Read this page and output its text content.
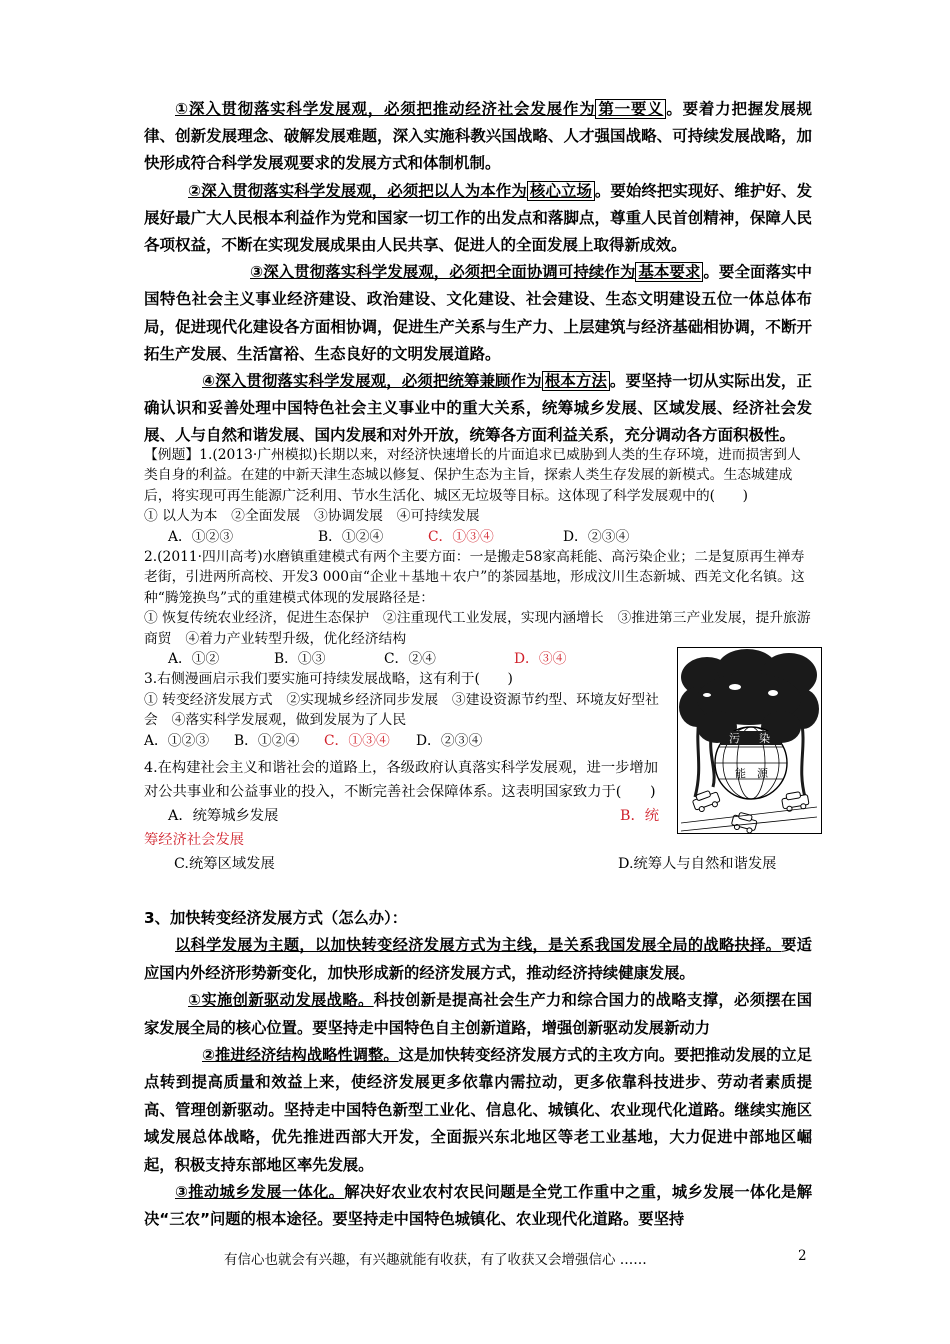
①深入贯彻落实科学发展观，必须把推动经济社会发展作为 第一要义 。要着力把握发展规律、创新发展理念、破解发展难题，深入实施科教兴国战略、人才强国战略、可持续发展战略，加快形成符合科学发展观要求的发展方式和体制机制。

②深入贯彻落实科学发展观，必须把以人为本作为 核心立场 。要始终把实现好、维护好、发展好最广大人民根本利益作为党和国家一切工作的出发点和落脚点，尊重人民首创精神，保障人民各项权益，不断在实现发展成果由人民共享、促进人的全面发展上取得新成效。

③深入贯彻落实科学发展观，必须把全面协调可持续作为 基本要求 。要全面落实中国特色社会主义事业经济建设、政治建设、文化建设、社会建设、生态文明建设五位一体总体布局，促进现代化建设各方面相协调，促进生产关系与生产力、上层建筑与经济基础相协调，不断开拓生产发展、生活富裕、生态良好的文明发展道路。

④深入贯彻落实科学发展观，必须把统筹兼顾作为 根本方法 。要坚持一切从实际出发，正确认识和妥善处理中国特色社会主义事业中的重大关系，统筹城乡发展、区域发展、经济社会发展、人与自然和谐发展、国内发展和对外开放，统筹各方面利益关系，充分调动各方面积极性。

【例题】1.(2013·广州模拟)长期以来，对经济快速增长的片面追求已威胁到人类的生存环境，进而损害到人类自身的利益。在建的中新天津生态城以修复、保护生态为主旨，探索人类生存发展的新模式。生态城建成后，将实现可再生能源广泛利用、节水生活化、城区无垃圾等目标。这体现了科学发展观中的(　　)

① 以人为本　②全面发展　③协调发展　④可持续发展

A．①②③	B．①②④	C．①③④	D．②③④

2.(2011·四川高考)水磨镇重建模式有两个主要方面：一是搬走58家高耗能、高污染企业；二是复原再生禅寿老街，引进两所高校、开发3 000亩“企业＋基地＋农户”的茶园基地，形成汶川生态新城、西羌文化名镇。这种“腾笼换鸟”式的重建模式体现的发展路径是：

① 恢复传统农业经济，促进生态保护　②注重现代工业发展，实现内涵增长　③推进第三产业发展，提升旅游商贸　④着力产业转型升级，优化经济结构

A．①②	B．①③	C．②④	D．③④

3.右侧漫画启示我们要实施可持续发展战略，这有利于(　　)

① 转变经济发展方式　②实现城乡经济同步发展　③建设资源节约型、环境友好型社会　④落实科学发展观，做到发展为了人民

A．①②③ B．①②④ C．①③④ D．②③④

4.在构建社会主义和谐社会的道路上，各级政府认真落实科学发展观，进一步增加对公共事业和公益事业的投入，不断完善社会保障体系。这表明国家致力于(　　)

A．统筹城乡发展	B．统

筹经济社会发展

C.统筹区域发展	D.统筹人与自然和谐发展

3、加快转变经济发展方式（怎么办）：

以科学发展为主题，以加快转变经济发展方式为主线，是关系我国发展全局的战略抉择。要适应国内外经济形势新变化，加快形成新的经济发展方式，推动经济持续健康发展。

①实施创新驱动发展战略。科技创新是提高社会生产力和综合国力的战略支撑，必须摆在国家发展全局的核心位置。要坚持走中国特色自主创新道路，增强创新驱动发展新动力

②推进经济结构战略性调整。这是加快转变经济发展方式的主攻方向。要把推动发展的立足点转到提高质量和效益上来，使经济发展更多依靠内需拉动，更多依靠科技进步、劳动者素质提高、管理创新驱动。坚持走中国特色新型工业化、信息化、城镇化、农业现代化道路。继续实施区域发展总体战略，优先推进西部大开发，全面振兴东北地区等老工业基地，大力促进中部地区崛起，积极支持东部地区率先发展。

③推动城乡发展一体化。解决好农业农村农民问题是全党工作重中之重，城乡发展一体化是解决“三农”问题的根本途径。要坚持走中国特色城镇化、农业现代化道路。要坚持

污 染
能 源
有信心也就会有兴趣，有兴趣就能有收获，有了收获又会增强信心 ……	2
